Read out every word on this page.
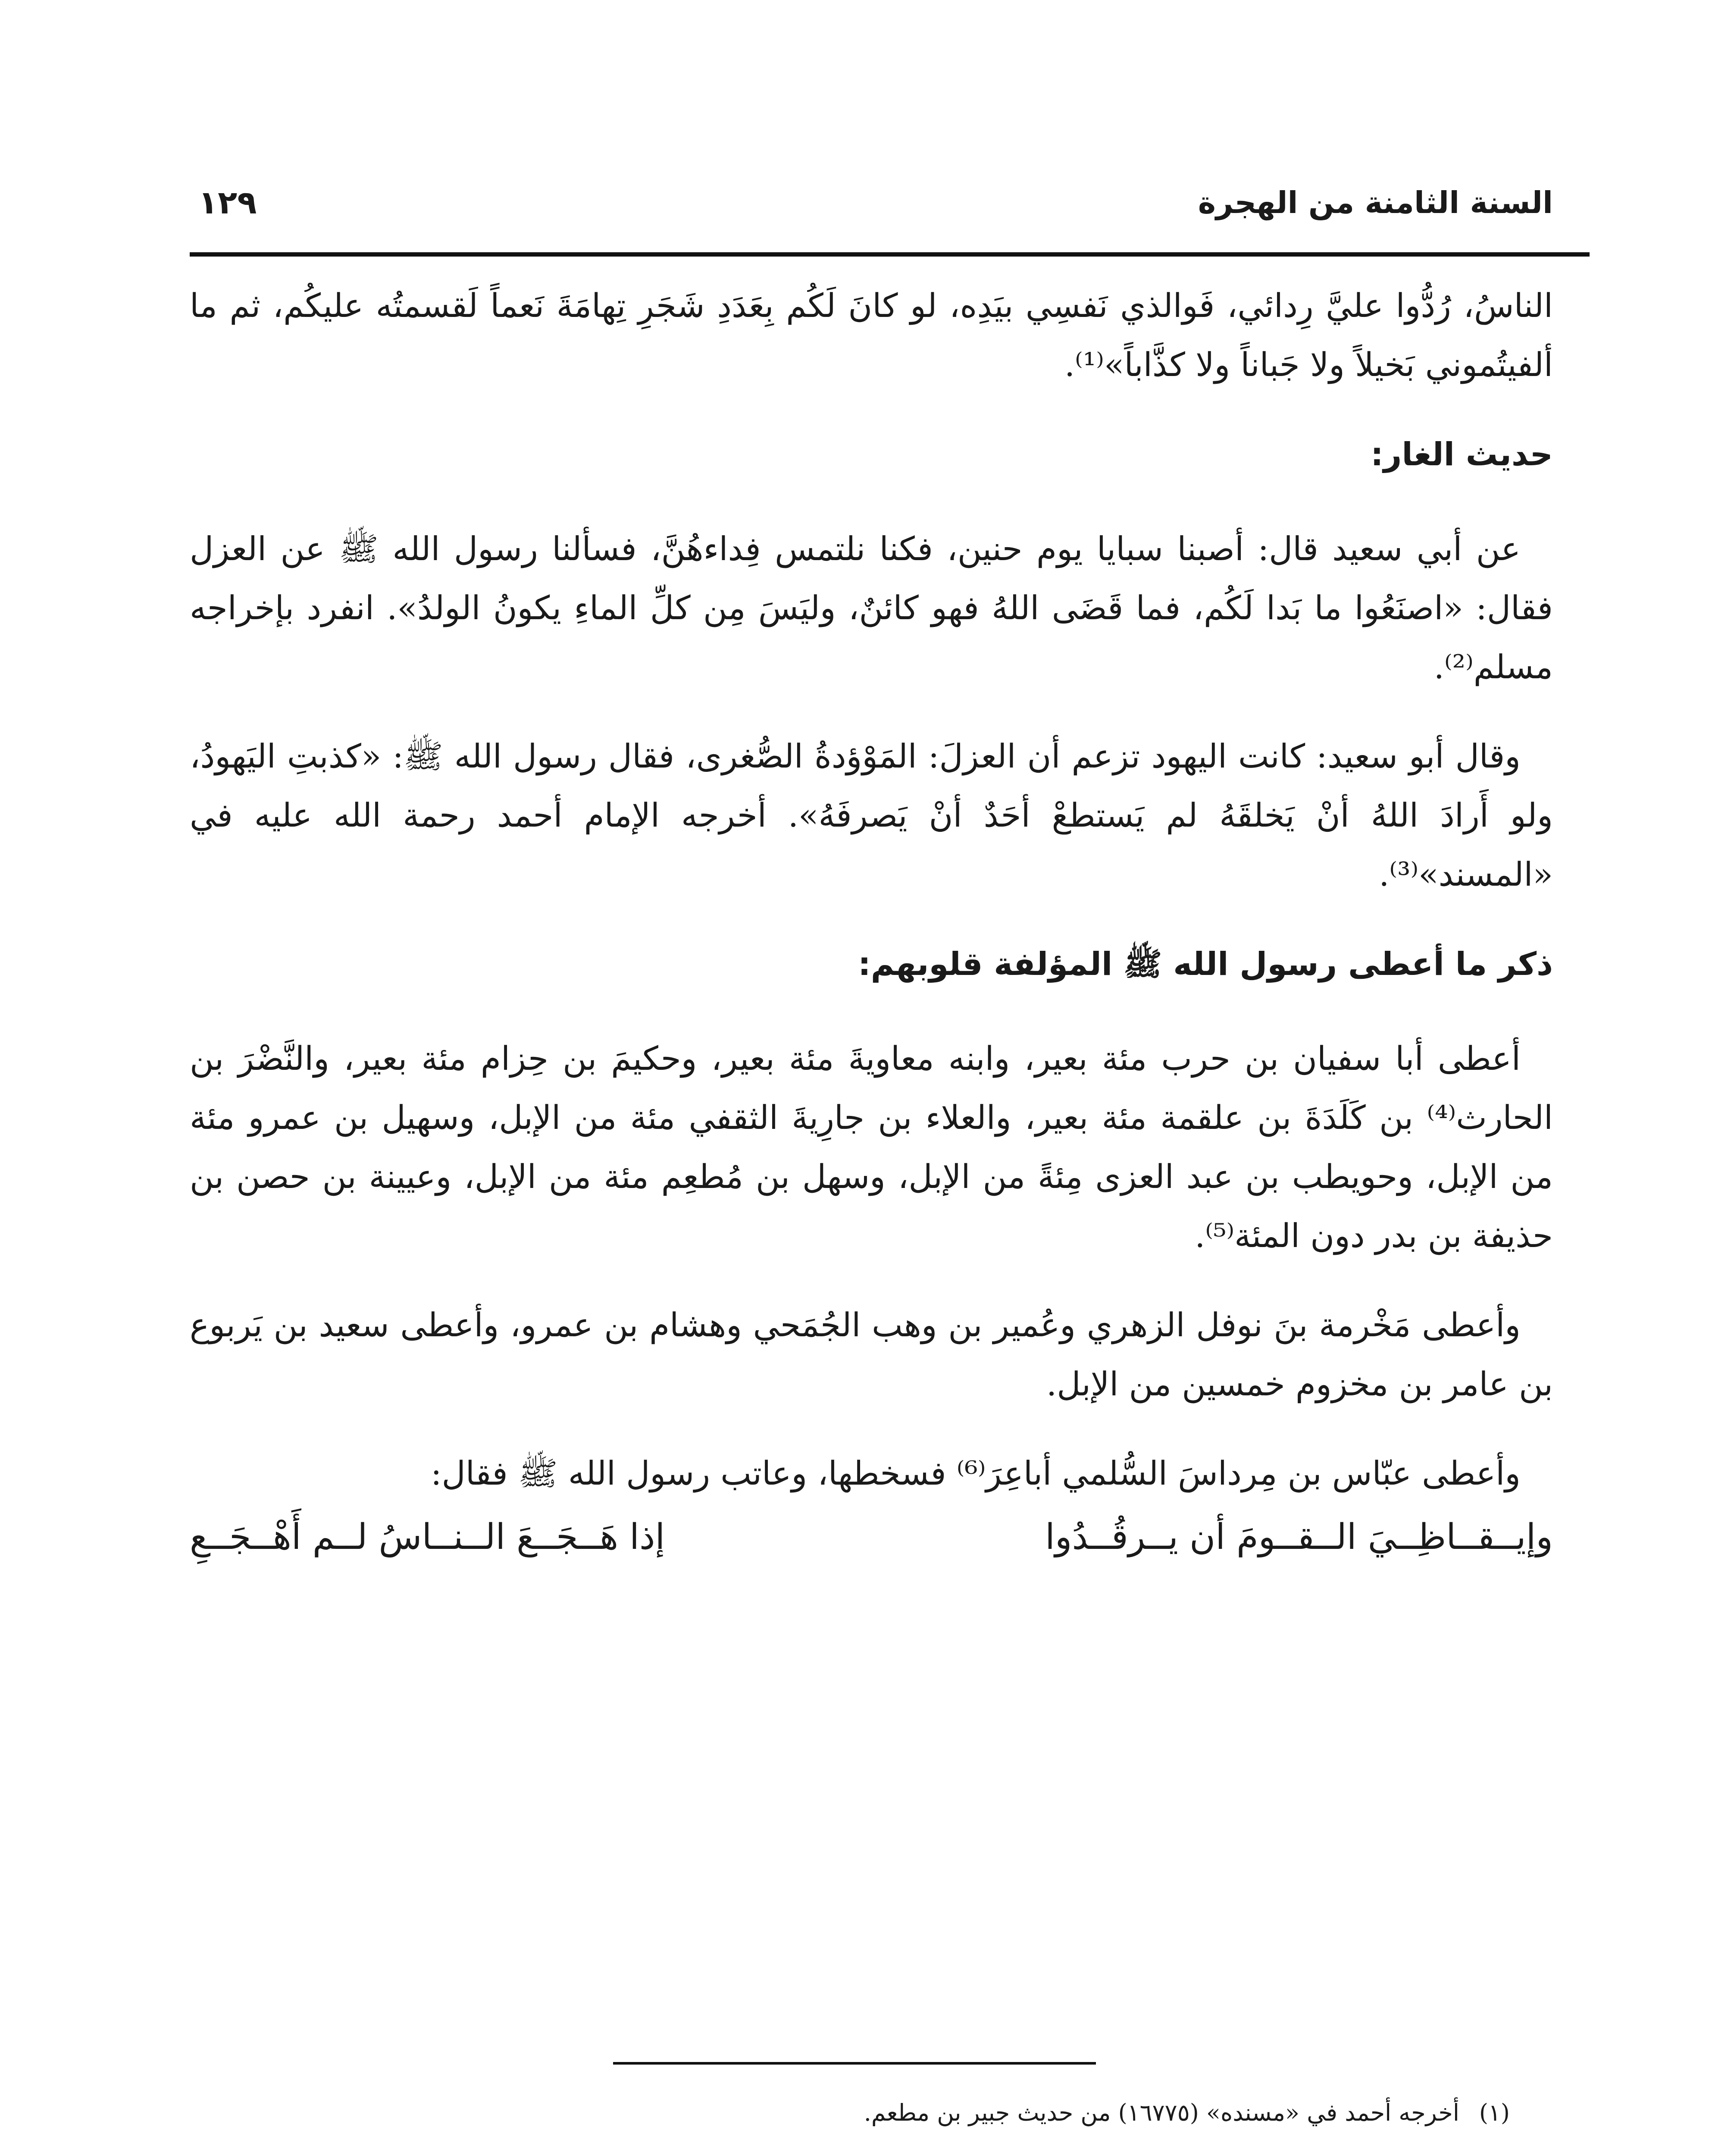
السنة الثامنة من الهجرة
١٢٩

الناسُ، رُدُّوا عليَّ رِدائي، فَوالذي نَفسِي بيَدِه، لو كانَ لَكُم بِعَدَدِ شَجَرِ تِهامَةَ نَعماً لَقسمتُه عليكُم، ثم ما ألفيتُموني بَخيلاً ولا جَباناً ولا كذَّاباً»⁽¹⁾.

حديث الغار:

عن أبي سعيد قال: أصبنا سبايا يوم حنين، فكنا نلتمس فِداءهُنَّ، فسألنا رسول الله ﷺ عن العزل فقال: «اصنَعُوا ما بَدا لَكُم، فما قَضَى اللهُ فهو كائنٌ، وليَسَ مِن كلِّ الماءِ يكونُ الولدُ». انفرد بإخراجه مسلم⁽²⁾.

وقال أبو سعيد: كانت اليهود تزعم أن العزلَ: المَوْؤدةُ الصُّغرى، فقال رسول الله ﷺ: «كذبتِ اليَهودُ، ولو أَرادَ اللهُ أنْ يَخلقَهُ لم يَستطعْ أحَدٌ أنْ يَصرفَهُ». أخرجه الإمام أحمد رحمة الله عليه في «المسند»⁽³⁾.

ذكر ما أعطى رسول الله ﷺ المؤلفة قلوبهم:

أعطى أبا سفيان بن حرب مئة بعير، وابنه معاويةَ مئة بعير، وحكيمَ بن حِزام مئة بعير، والنَّضْرَ بن الحارث⁽⁴⁾ بن كَلَدَةَ بن علقمة مئة بعير، والعلاء بن جارِيةَ الثقفي مئة من الإبل، وسهيل بن عمرو مئة من الإبل، وحويطب بن عبد العزى مِئةً من الإبل، وسهل بن مُطعِم مئة من الإبل، وعيينة بن حصن بن حذيفة بن بدر دون المئة⁽⁵⁾.

وأعطى مَخْرمة بنَ نوفل الزهري وعُمير بن وهب الجُمَحي وهشام بن عمرو، وأعطى سعيد بن يَربوع بن عامر بن مخزوم خمسين من الإبل.

وأعطى عبّاس بن مِرداسَ السُّلمي أباعِرَ⁽⁶⁾ فسخطها، وعاتب رسول الله ﷺ فقال:

وإيــقــاظِــيَ الــقــومَ أن يــرقُــدُوا
إذا هَــجَــعَ الــنــاسُ لــم أَهْــجَــعِ

(١) أخرجه أحمد في «مسنده» (١٦٧٧٥) من حديث جبير بن مطعم.
